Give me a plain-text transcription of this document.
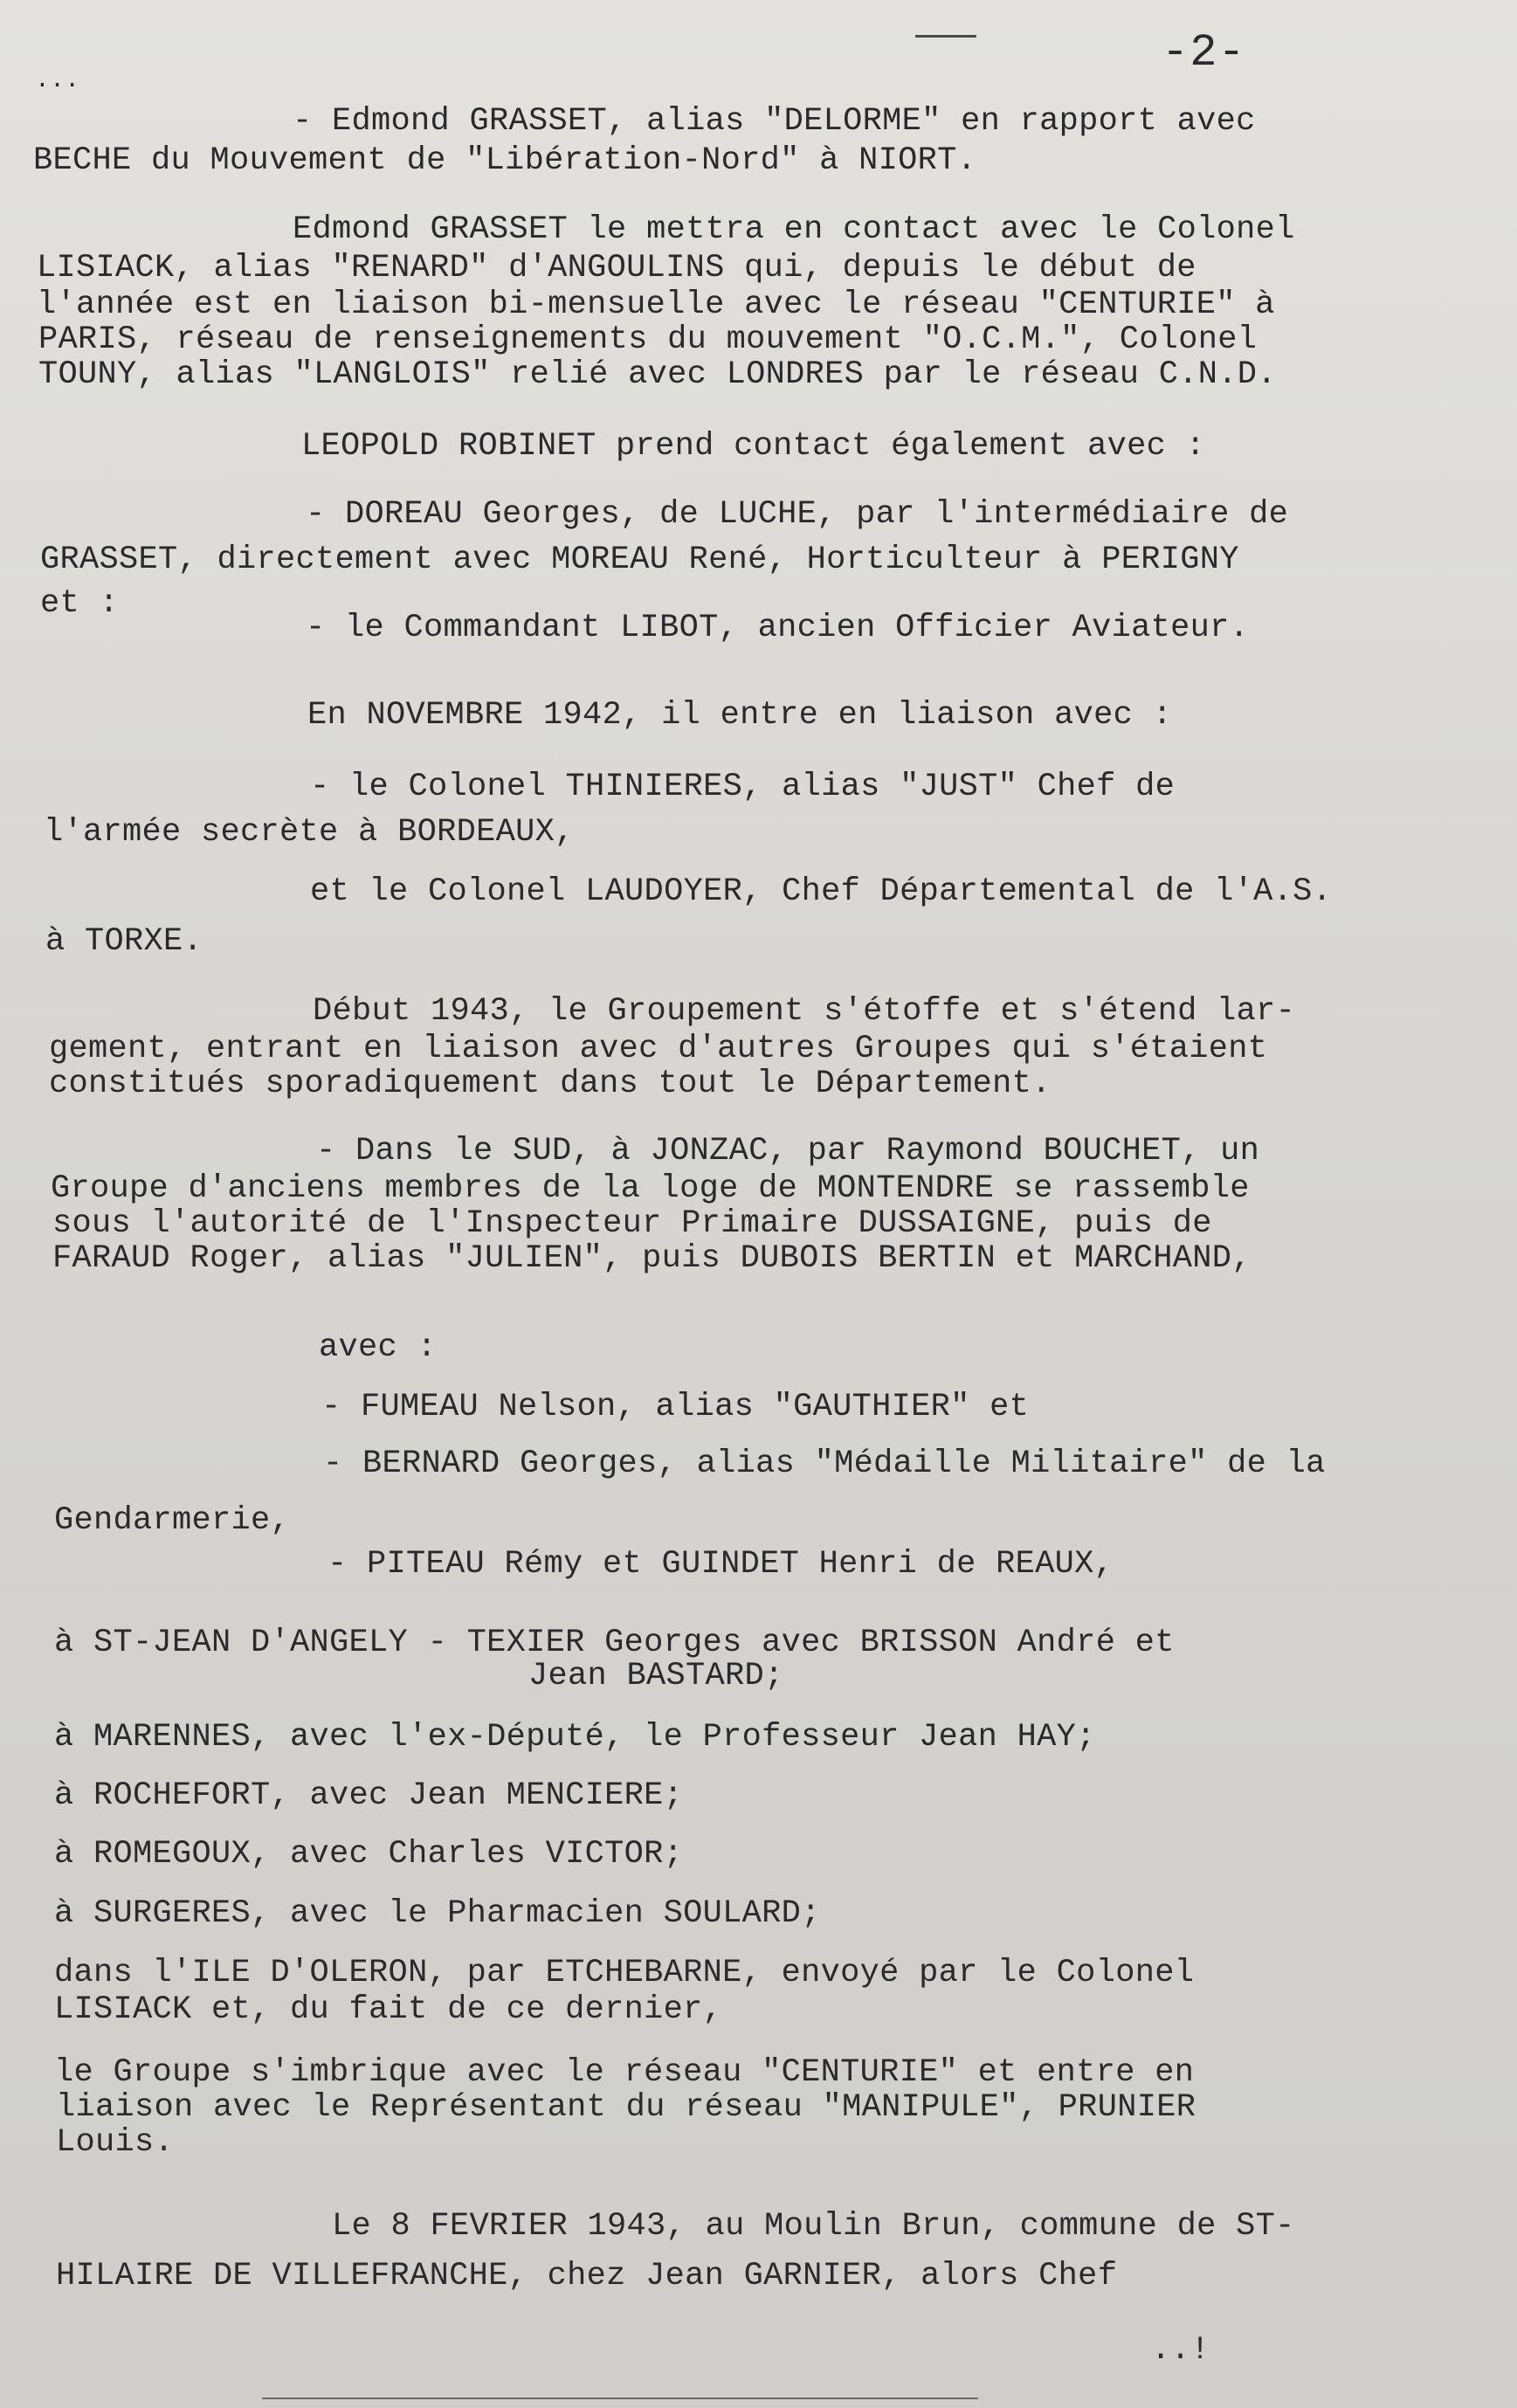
-2-
...
- Edmond GRASSET, alias "DELORME" en rapport avec
BECHE du Mouvement de "Libération-Nord" à NIORT.
Edmond GRASSET le mettra en contact avec le Colonel
LISIACK, alias "RENARD" d'ANGOULINS qui, depuis le début de
l'année est en liaison bi-mensuelle avec le réseau "CENTURIE" à
PARIS, réseau de renseignements du mouvement "O.C.M.", Colonel
TOUNY, alias "LANGLOIS" relié avec LONDRES par le réseau C.N.D.
LEOPOLD ROBINET prend contact également avec :
- DOREAU Georges, de LUCHE, par l'intermédiaire de
GRASSET, directement avec MOREAU René, Horticulteur à PERIGNY
et :
- le Commandant LIBOT, ancien Officier Aviateur.
En NOVEMBRE 1942, il entre en liaison avec :
- le Colonel THINIERES, alias "JUST" Chef de
l'armée secrète à BORDEAUX,
et le Colonel LAUDOYER, Chef Départemental de l'A.S.
à TORXE.
Début 1943, le Groupement s'étoffe et s'étend lar-
gement, entrant en liaison avec d'autres Groupes qui s'étaient
constitués sporadiquement dans tout le Département.
- Dans le SUD, à JONZAC, par Raymond BOUCHET, un
Groupe d'anciens membres de la loge de MONTENDRE se rassemble
sous l'autorité de l'Inspecteur Primaire DUSSAIGNE, puis de
FARAUD Roger, alias "JULIEN", puis DUBOIS BERTIN et MARCHAND,
avec :
- FUMEAU Nelson, alias "GAUTHIER" et
- BERNARD Georges, alias "Médaille Militaire" de la
Gendarmerie,
- PITEAU Rémy et GUINDET Henri de REAUX,
à ST-JEAN D'ANGELY - TEXIER Georges avec BRISSON André et
Jean BASTARD;
à MARENNES, avec l'ex-Député, le Professeur Jean HAY;
à ROCHEFORT, avec Jean MENCIERE;
à ROMEGOUX, avec Charles VICTOR;
à SURGERES, avec le Pharmacien SOULARD;
dans l'ILE D'OLERON, par ETCHEBARNE, envoyé par le Colonel
LISIACK et, du fait de ce dernier,
le Groupe s'imbrique avec le réseau "CENTURIE" et entre en
liaison avec le Représentant du réseau "MANIPULE", PRUNIER
Louis.
Le 8 FEVRIER 1943, au Moulin Brun, commune de ST-
HILAIRE DE VILLEFRANCHE, chez Jean GARNIER, alors Chef
..!
